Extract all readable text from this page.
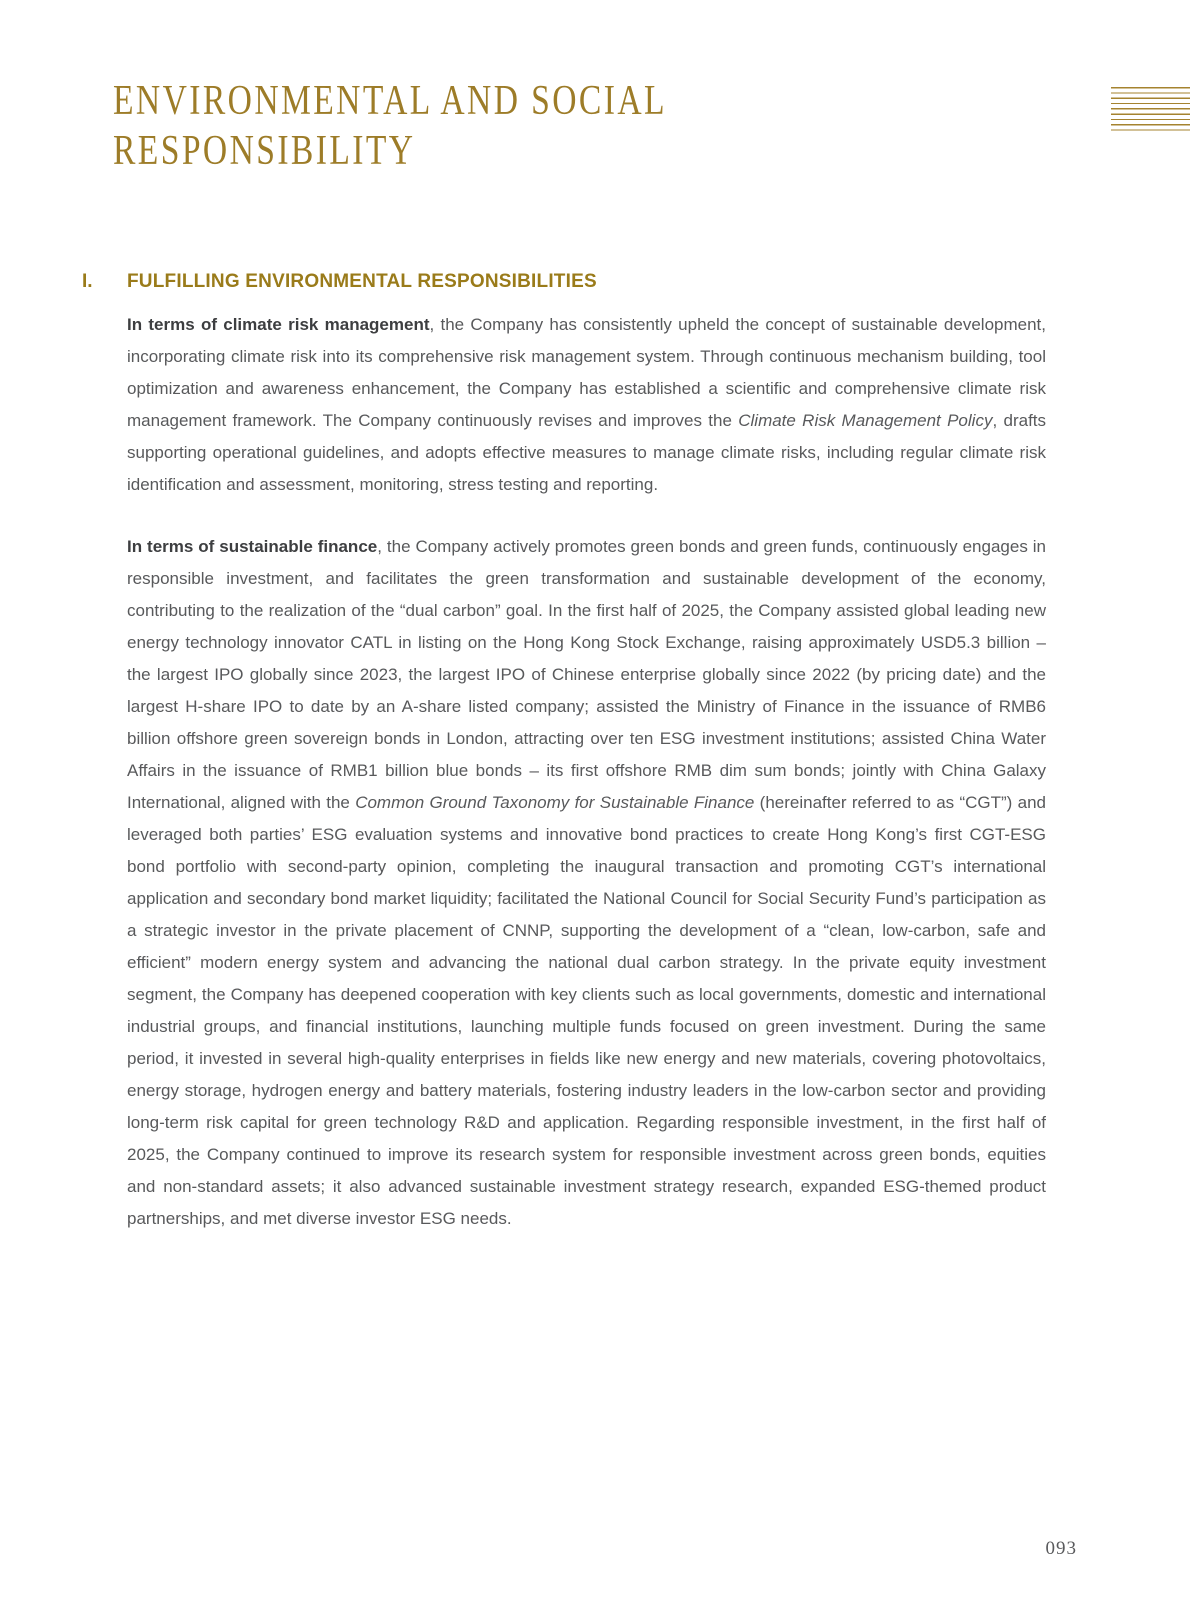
ENVIRONMENTAL AND SOCIAL
RESPONSIBILITY
I.	FULFILLING ENVIRONMENTAL RESPONSIBILITIES

In terms of climate risk management, the Company has consistently upheld the concept of sustainable development, incorporating climate risk into its comprehensive risk management system. Through continuous mechanism building, tool optimization and awareness enhancement, the Company has established a scientific and comprehensive climate risk management framework. The Company continuously revises and improves the Climate Risk Management Policy, drafts supporting operational guidelines, and adopts effective measures to manage climate risks, including regular climate risk identification and assessment, monitoring, stress testing and reporting.

In terms of sustainable finance, the Company actively promotes green bonds and green funds, continuously engages in responsible investment, and facilitates the green transformation and sustainable development of the economy, contributing to the realization of the “dual carbon” goal. In the first half of 2025, the Company assisted global leading new energy technology innovator CATL in listing on the Hong Kong Stock Exchange, raising approximately USD5.3 billion – the largest IPO globally since 2023, the largest IPO of Chinese enterprise globally since 2022 (by pricing date) and the largest H-share IPO to date by an A-share listed company; assisted the Ministry of Finance in the issuance of RMB6 billion offshore green sovereign bonds in London, attracting over ten ESG investment institutions; assisted China Water Affairs in the issuance of RMB1 billion blue bonds – its first offshore RMB dim sum bonds; jointly with China Galaxy International, aligned with the Common Ground Taxonomy for Sustainable Finance (hereinafter referred to as “CGT”) and leveraged both parties’ ESG evaluation systems and innovative bond practices to create Hong Kong’s first CGT-ESG bond portfolio with second-party opinion, completing the inaugural transaction and promoting CGT’s international application and secondary bond market liquidity; facilitated the National Council for Social Security Fund’s participation as a strategic investor in the private placement of CNNP, supporting the development of a “clean, low-carbon, safe and efficient” modern energy system and advancing the national dual carbon strategy. In the private equity investment segment, the Company has deepened cooperation with key clients such as local governments, domestic and international industrial groups, and financial institutions, launching multiple funds focused on green investment. During the same period, it invested in several high-quality enterprises in fields like new energy and new materials, covering photovoltaics, energy storage, hydrogen energy and battery materials, fostering industry leaders in the low-carbon sector and providing long-term risk capital for green technology R&D and application. Regarding responsible investment, in the first half of 2025, the Company continued to improve its research system for responsible investment across green bonds, equities and non-standard assets; it also advanced sustainable investment strategy research, expanded ESG-themed product partnerships, and met diverse investor ESG needs.

093
